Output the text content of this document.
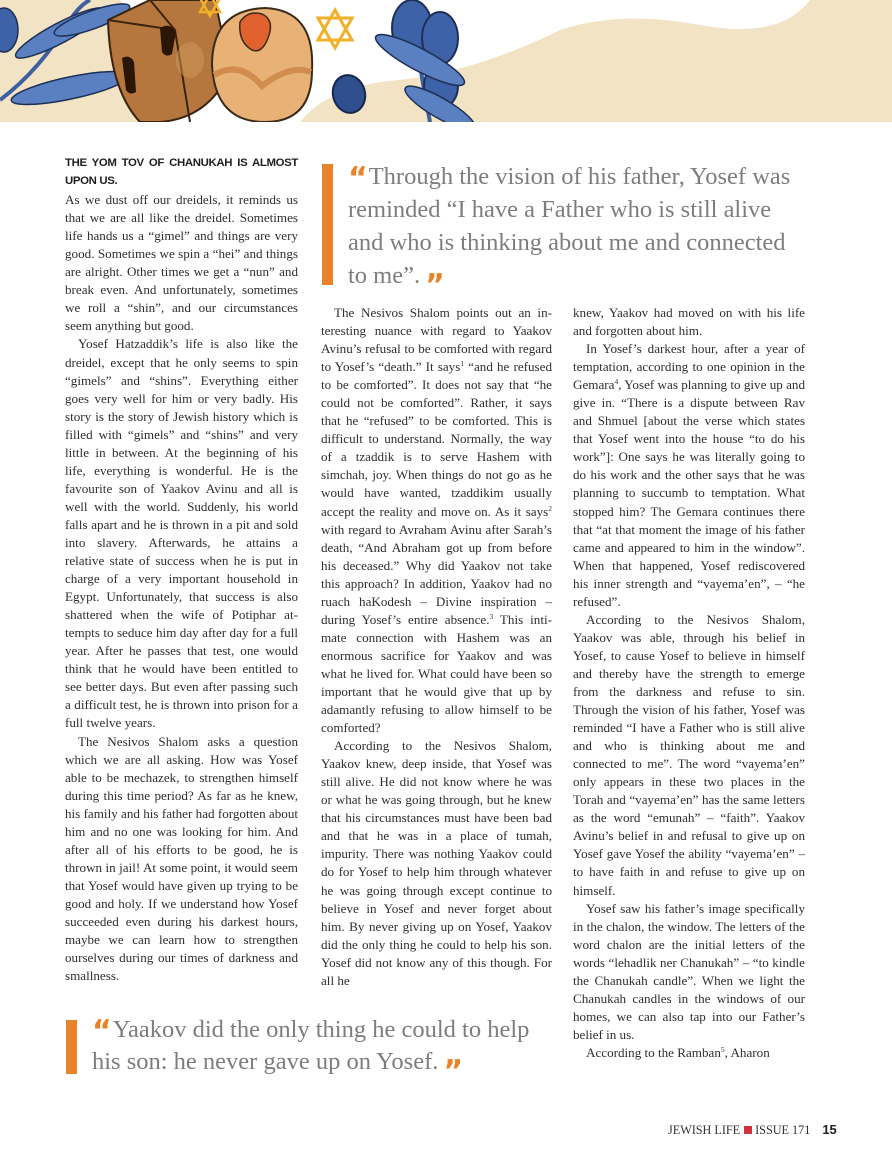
“ Through the vision of his father, Yosef was reminded “I have a Father who is still alive and who is thinking about me and connected to me”. ”

THE YOM TOV OF CHANUKAH IS ALMOST UPON US.
As we dust off our dreidels, it reminds us that we are all like the dreidel. Sometimes life hands us a “gimel” and things are very good. Sometimes we spin a “hei” and things are alright. Other times we get a “nun” and break even. And unfortunately, sometimes we roll a “shin”, and our circumstances seem anything but good.

Yosef Hatzaddik’s life is also like the dreidel, except that he only seems to spin “gimels” and “shins”. Everything either goes very well for him or very badly. His story is the story of Jewish history which is filled with “gimels” and “shins” and very little in between. At the beginning of his life, everything is wonderful. He is the favourite son of Yaakov Avinu and all is well with the world. Suddenly, his world falls apart and he is thrown in a pit and sold into slavery. Afterwards, he attains a relative state of success when he is put in charge of a very important household in Egypt. Unfortunately, that success is also shattered when the wife of Potiphar attempts to seduce him day after day for a full year. After he passes that test, one would think that he would have been entitled to see better days. But even after passing such a difficult test, he is thrown into prison for a full twelve years.

The Nesivos Shalom asks a question which we are all asking. How was Yosef able to be mechazek, to strengthen himself during this time period? As far as he knew, his family and his father had forgotten about him and no one was looking for him. And after all of his efforts to be good, he is thrown in jail! At some point, it would seem that Yosef would have given up trying to be good and holy. If we understand how Yosef succeeded even during his darkest hours, maybe we can learn how to strengthen ourselves during our times of darkness and smallness.

The Nesivos Shalom points out an interesting nuance with regard to Yaakov Avinu’s refusal to be comforted with regard to Yosef’s “death.” It says$^1$ “and he refused to be comforted”. It does not say that “he could not be comforted”. Rather, it says that he “refused” to be comforted. This is difficult to understand. Normally, the way of a tzaddik is to serve Hashem with simchah, joy. When things do not go as he would have wanted, tzaddikim usually accept the reality and move on. As it says$^2$ with regard to Avraham Avinu after Sarah’s death, “And Abraham got up from before his deceased.” Why did Yaakov not take this approach? In addition, Yaakov had no ruach haKodesh – Divine inspiration – during Yosef’s entire absence.$^3$ This intimate connection with Hashem was an enormous sacrifice for Yaakov and was what he lived for. What could have been so important that he would give that up by adamantly refusing to allow himself to be comforted?

According to the Nesivos Shalom, Yaakov knew, deep inside, that Yosef was still alive. He did not know where he was or what he was going through, but he knew that his circumstances must have been bad and that he was in a place of tumah, impurity. There was nothing Yaakov could do for Yosef to help him through whatever he was going through except continue to believe in Yosef and never forget about him. By never giving up on Yosef, Yaakov did the only thing he could to help his son. Yosef did not know any of this though. For all he

knew, Yaakov had moved on with his life and forgotten about him.

In Yosef’s darkest hour, after a year of temptation, according to one opinion in the Gemara$^4$, Yosef was planning to give up and give in. “There is a dispute between Rav and Shmuel [about the verse which states that Yosef went into the house “to do his work”]: One says he was literally going to do his work and the other says that he was planning to succumb to temptation. What stopped him? The Gemara continues there that “at that moment the image of his father came and appeared to him in the window”. When that happened, Yosef rediscovered his inner strength and “vayema’en”, – “he refused”.

According to the Nesivos Shalom, Yaakov was able, through his belief in Yosef, to cause Yosef to believe in himself and thereby have the strength to emerge from the darkness and refuse to sin. Through the vision of his father, Yosef was reminded “I have a Father who is still alive and who is thinking about me and connected to me”. The word “vayema’en” only appears in these two places in the Torah and “vayema’en” has the same letters as the word “emunah” – “faith”. Yaakov Avinu’s belief in and refusal to give up on Yosef gave Yosef the ability “vayema’en” – to have faith in and refuse to give up on himself.

Yosef saw his father’s image specifically in the chalon, the window. The letters of the word chalon are the initial letters of the words “lehadlik ner Chanukah” – “to kindle the Chanukah candle”. When we light the Chanukah candles in the windows of our homes, we can also tap into our Father’s belief in us.

According to the Ramban$^5$, Aharon

“ Yaakov did the only thing he could to help his son: he never gave up on Yosef. ”
JEWISH LIFE ISSUE 171 15
